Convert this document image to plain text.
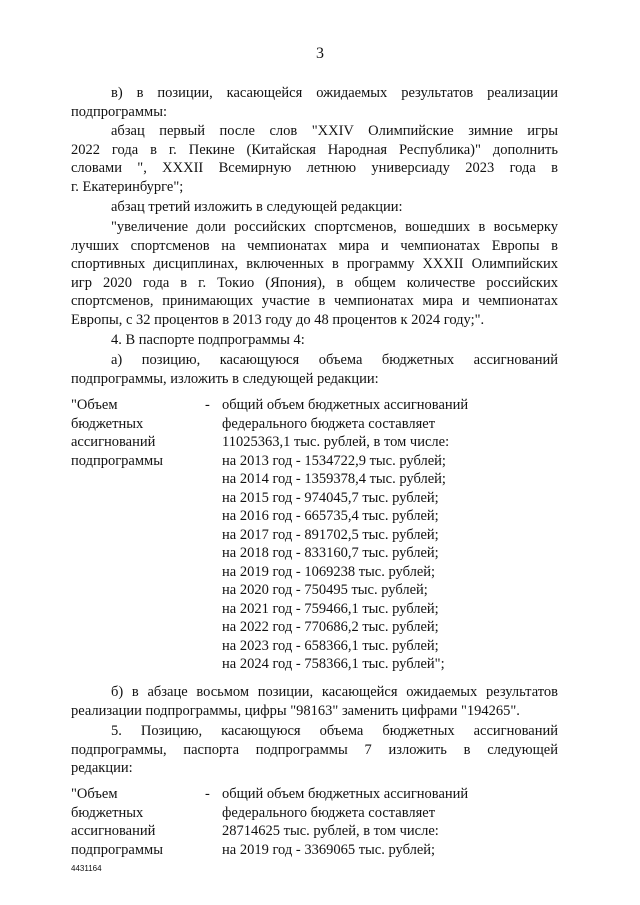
3
в) в позиции, касающейся ожидаемых результатов реализации
подпрограммы:
абзац первый после слов "XXIV Олимпийские зимние игры
2022 года в г. Пекине (Китайская Народная Республика)" дополнить
словами ", XXXII Всемирную летнюю универсиаду 2023 года в
г. Екатеринбурге";
абзац третий изложить в следующей редакции:
"увеличение доли российских спортсменов, вошедших в восьмерку
лучших спортсменов на чемпионатах мира и чемпионатах Европы в
спортивных дисциплинах, включенных в программу XXXII Олимпийских
игр 2020 года в г. Токио (Япония), в общем количестве российских
спортсменов, принимающих участие в чемпионатах мира и чемпионатах
Европы, с 32 процентов в 2013 году до 48 процентов к 2024 году;".
4. В паспорте подпрограммы 4:
а) позицию, касающуюся объема бюджетных ассигнований
подпрограммы, изложить в следующей редакции:
"Объем
бюджетных
ассигнований
подпрограммы
- общий объем бюджетных ассигнований
федерального бюджета составляет
11025363,1 тыс. рублей, в том числе:
на 2013 год - 1534722,9 тыс. рублей;
на 2014 год - 1359378,4 тыс. рублей;
на 2015 год - 974045,7 тыс. рублей;
на 2016 год - 665735,4 тыс. рублей;
на 2017 год - 891702,5 тыс. рублей;
на 2018 год - 833160,7 тыс. рублей;
на 2019 год - 1069238 тыс. рублей;
на 2020 год - 750495 тыс. рублей;
на 2021 год - 759466,1 тыс. рублей;
на 2022 год - 770686,2 тыс. рублей;
на 2023 год - 658366,1 тыс. рублей;
на 2024 год - 758366,1 тыс. рублей";
б) в абзаце восьмом позиции, касающейся ожидаемых результатов
реализации подпрограммы, цифры "98163" заменить цифрами "194265".
5. Позицию, касающуюся объема бюджетных ассигнований
подпрограммы, паспорта подпрограммы 7 изложить в следующей
редакции:
"Объем
бюджетных
ассигнований
подпрограммы
- общий объем бюджетных ассигнований
федерального бюджета составляет
28714625 тыс. рублей, в том числе:
на 2019 год - 3369065 тыс. рублей;
4431164
